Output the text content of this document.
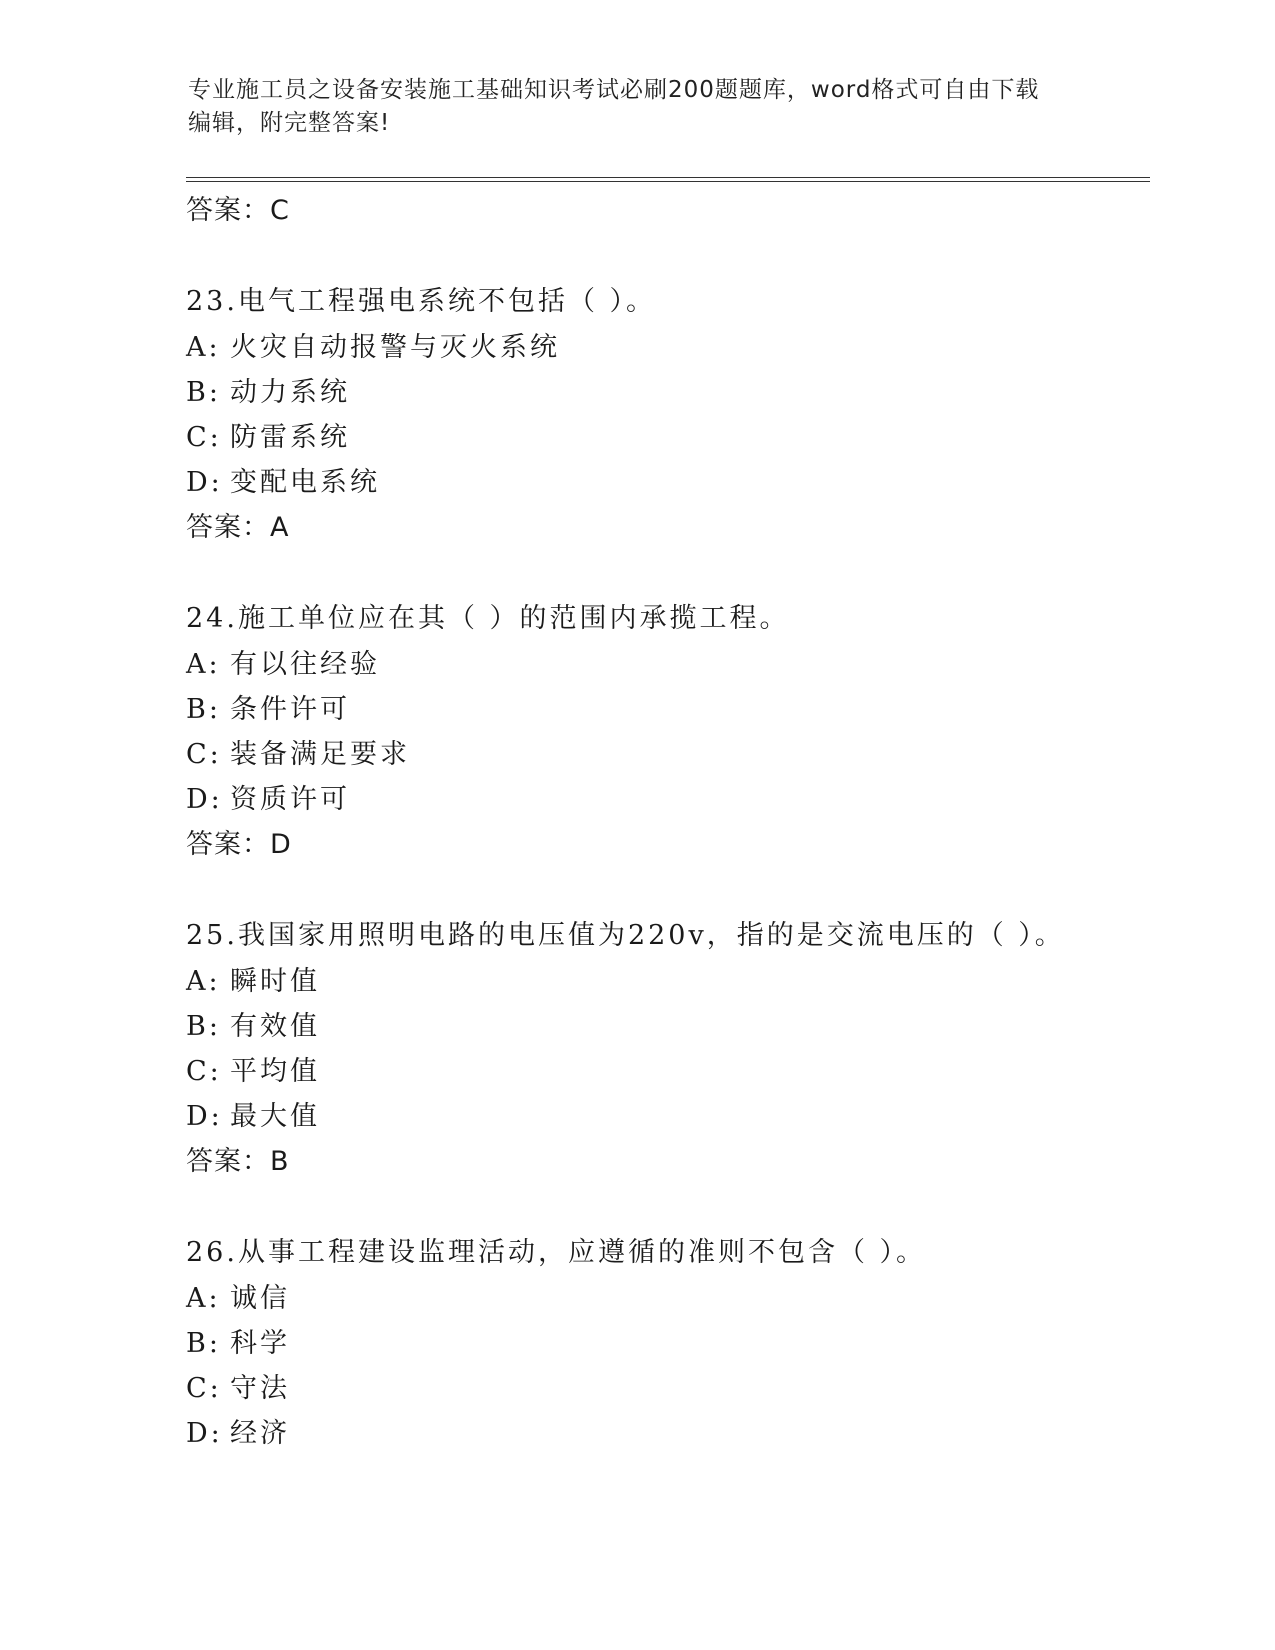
专业施工员之设备安装施工基础知识考试必刷200题题库，word格式可自由下载
编辑，附完整答案!
答案：C
23.电气工程强电系统不包括（ ）。
A: 火灾自动报警与灭火系统
B: 动力系统
C: 防雷系统
D: 变配电系统
答案：A
24.施工单位应在其（ ）的范围内承揽工程。
A: 有以往经验
B: 条件许可
C: 装备满足要求
D: 资质许可
答案：D
25.我国家用照明电路的电压值为220v，指的是交流电压的（ ）。
A: 瞬时值
B: 有效值
C: 平均值
D: 最大值
答案：B
26.从事工程建设监理活动，应遵循的准则不包含（ ）。
A: 诚信
B: 科学
C: 守法
D: 经济
